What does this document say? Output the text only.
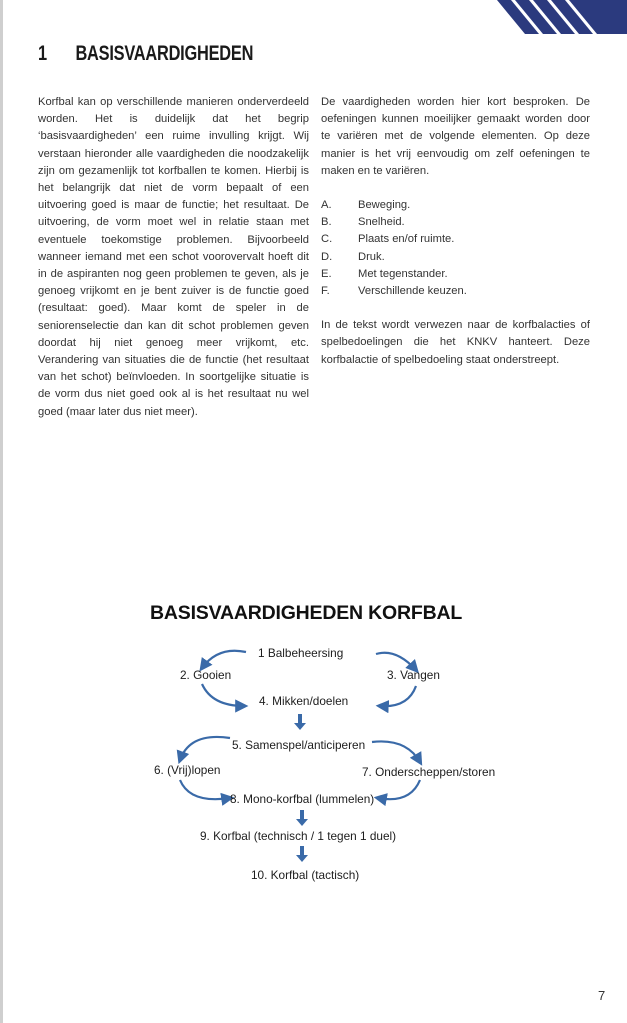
1 BASISVAARDIGHEDEN

Korfbal kan op verschillende manieren onderverdeeld worden. Het is duidelijk dat het begrip ‘basisvaardigheden’ een ruime invulling krijgt. Wij verstaan hieronder alle vaardigheden die noodzakelijk zijn om gezamenlijk tot korfballen te komen. Hierbij is het belangrijk dat niet de vorm bepaalt of een uitvoering goed is maar de functie; het resultaat. De uitvoering, de vorm moet wel in relatie staan met eventuele toekomstige problemen. Bijvoorbeeld wanneer iemand met een schot voorovervalt hoeft dit in de aspiranten nog geen problemen te geven, als je genoeg vrijkomt en je bent zuiver is de functie goed (resultaat: goed). Maar komt de speler in de seniorenselectie dan kan dit schot problemen geven doordat hij niet genoeg meer vrijkomt, etc. Verandering van situaties die de functie (het resultaat van het schot) beïnvloeden. In soortgelijke situatie is de vorm dus niet goed ook al is het resultaat nu wel goed (maar later dus niet meer).

De vaardigheden worden hier kort besproken. De oefeningen kunnen moeilijker gemaakt worden door te variëren met de volgende elementen. Op deze manier is het vrij eenvoudig om zelf oefeningen te maken en te variëren.

A.	Beweging.
B.	Snelheid.
C.	Plaats en/of ruimte.
D.	Druk.
E.	Met tegenstander.
F.	Verschillende keuzen.

In de tekst wordt verwezen naar de korfbalacties of spelbedoelingen die het KNKV hanteert. Deze korfbalactie of spelbedoeling staat onderstreept.

BASISVAARDIGHEDEN KORFBAL
1 Balbeheersing
2. Gooien	3. Vangen
4. Mikken/doelen
5. Samenspel/anticiperen
6. (Vrij)lopen	7. Onderscheppen/storen
8. Mono-korfbal (lummelen)
9. Korfbal (technisch / 1 tegen 1 duel)
10. Korfbal (tactisch)
7
